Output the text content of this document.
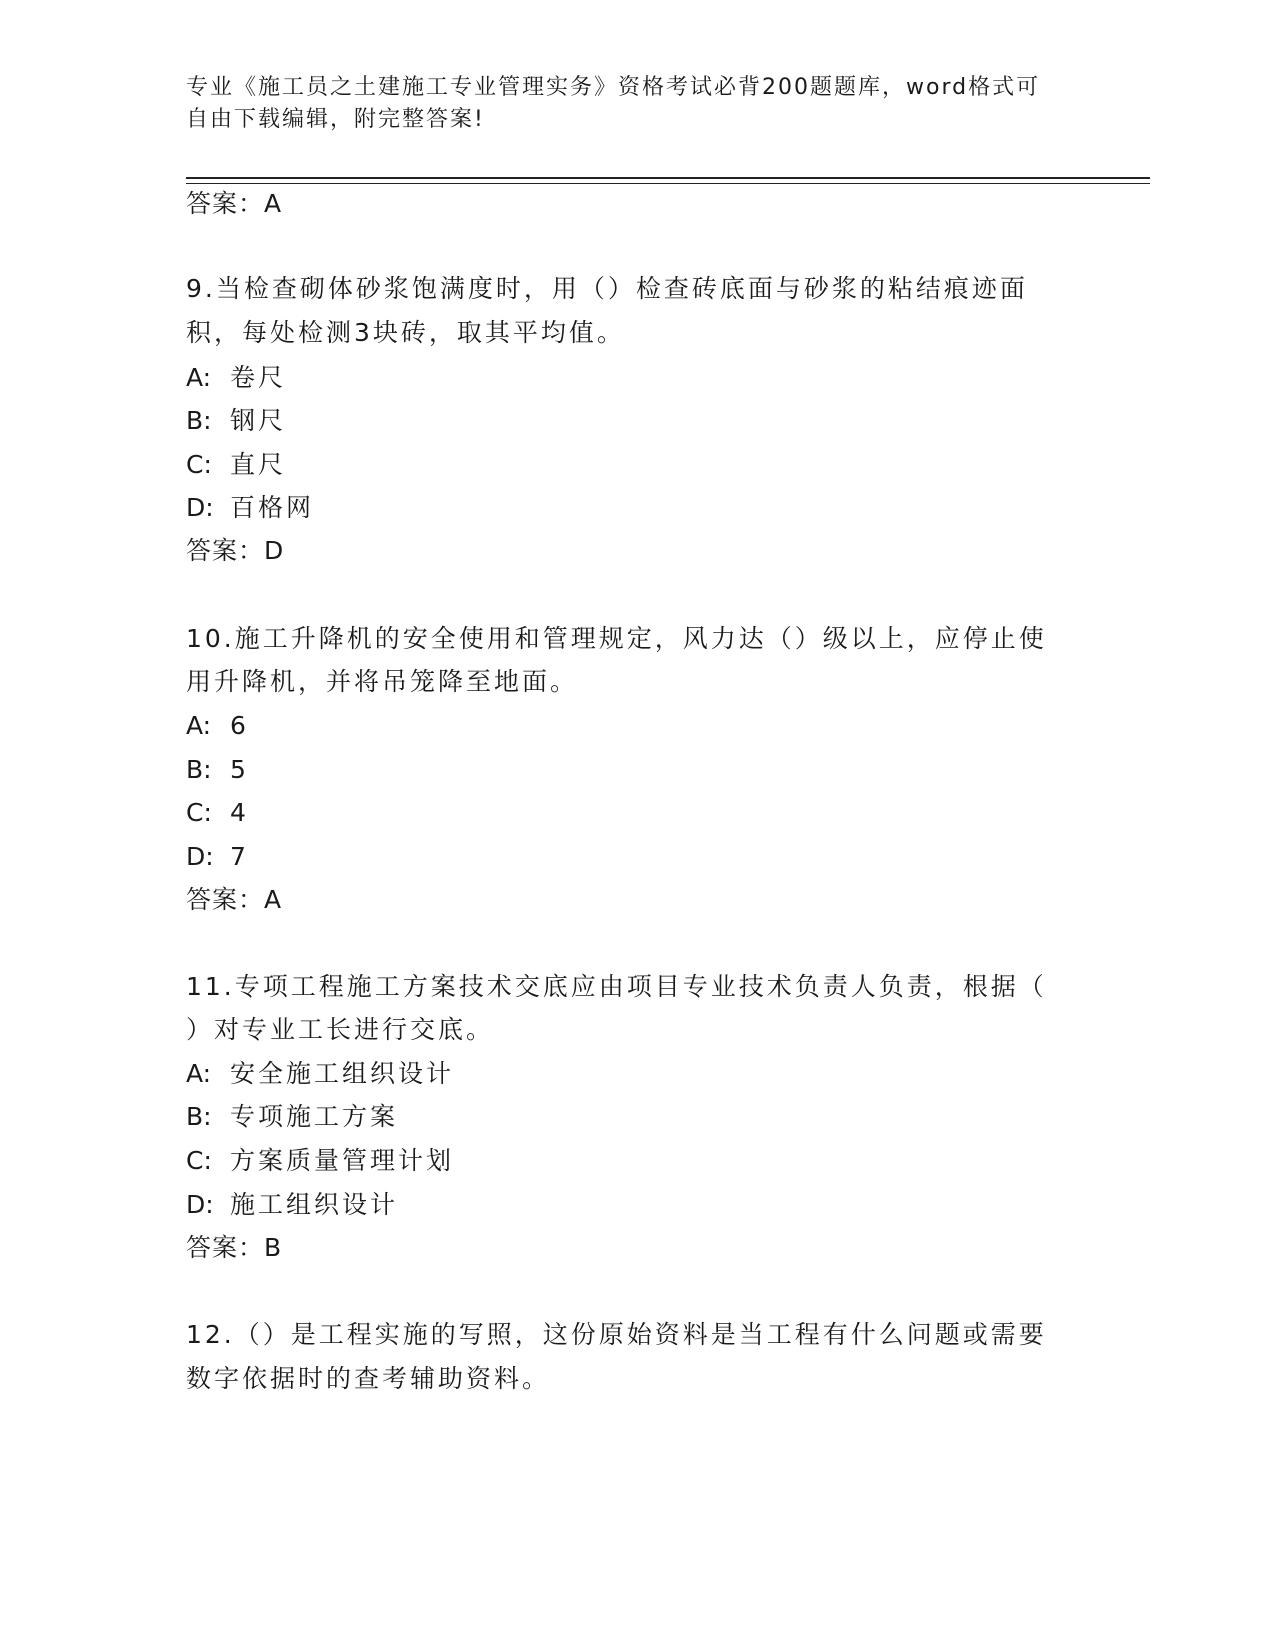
专业《施工员之土建施工专业管理实务》资格考试必背200题题库，word格式可
自由下载编辑，附完整答案!
答案：A
9.当检查砌体砂浆饱满度时，用（）检查砖底面与砂浆的粘结痕迹面
积，每处检测3块砖，取其平均值。
A: 卷尺
B: 钢尺
C: 直尺
D: 百格网
答案：D
10.施工升降机的安全使用和管理规定，风力达（）级以上，应停止使
用升降机，并将吊笼降至地面。
A: 6
B: 5
C: 4
D: 7
答案：A
11.专项工程施工方案技术交底应由项目专业技术负责人负责，根据（
）对专业工长进行交底。
A: 安全施工组织设计
B: 专项施工方案
C: 方案质量管理计划
D: 施工组织设计
答案：B
12.（）是工程实施的写照，这份原始资料是当工程有什么问题或需要
数字依据时的查考辅助资料。
